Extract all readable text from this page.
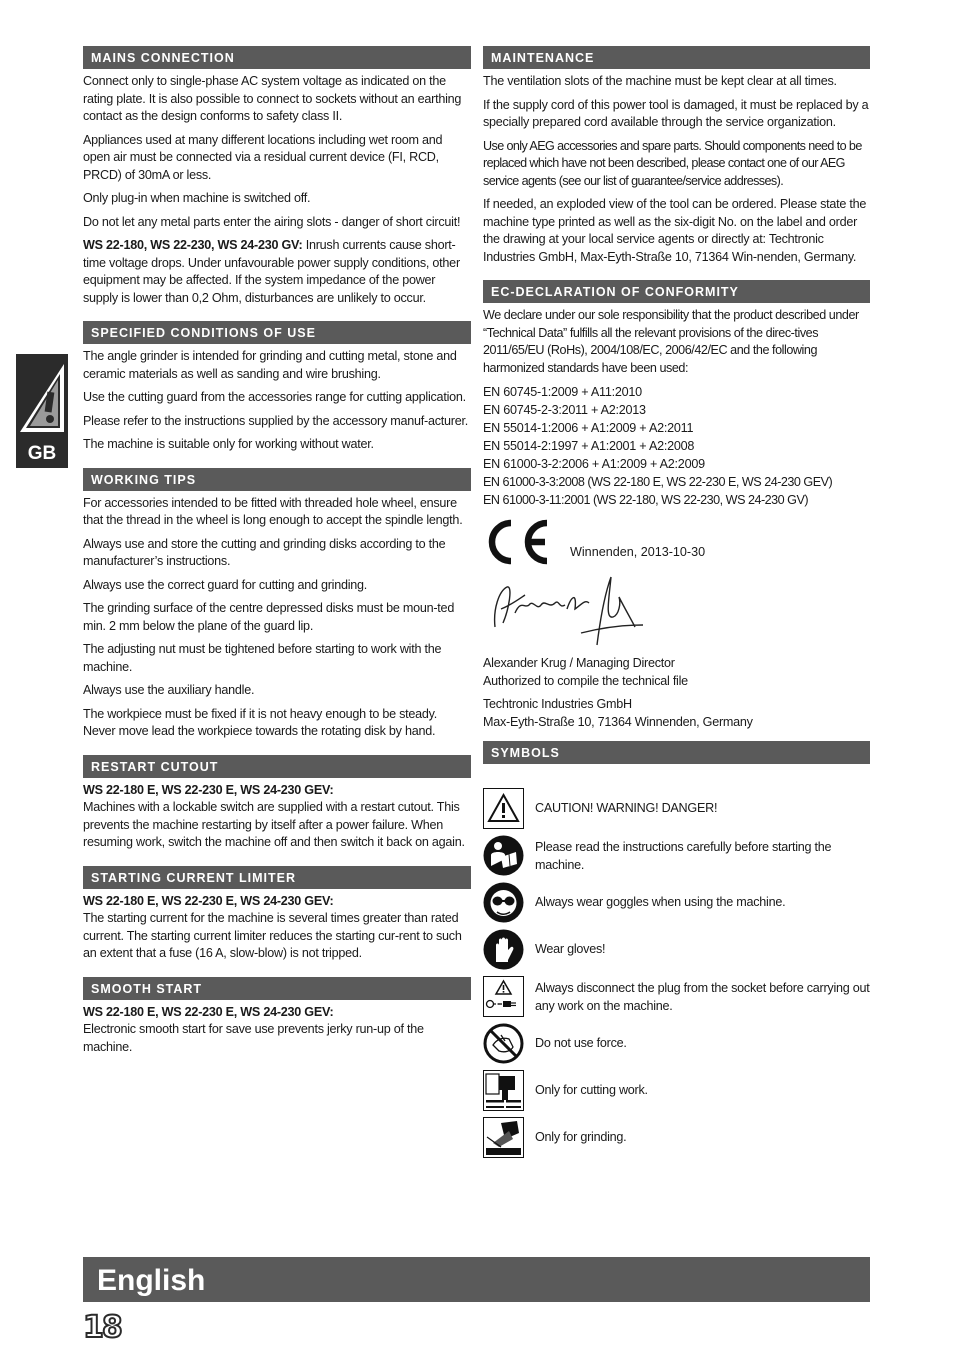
GB
MAINS CONNECTION

Connect only to single-phase AC system voltage as indicated on the rating plate. It is also possible to connect to sockets without an earthing contact as the design conforms to safety class II.

Appliances used at many different locations including wet room and open air must be connected via a residual current device (FI, RCD, PRCD) of 30mA or less.

Only plug-in when machine is switched off.

Do not let any metal parts enter the airing slots - danger of short circuit!

WS 22-180, WS 22-230, WS 24-230 GV: Inrush currents cause short-time voltage drops. Under unfavourable power supply conditions, other equipment may be affected. If the system impedance of the power supply is lower than 0,2 Ohm, disturbances are unlikely to occur.

SPECIFIED CONDITIONS OF USE

The angle grinder is intended for grinding and cutting metal, stone and ceramic materials as well as sanding and wire brushing.

Use the cutting guard from the accessories range for cutting application.

Please refer to the instructions supplied by the accessory manuf-acturer.

The machine is suitable only for working without water.

WORKING TIPS

For accessories intended to be fitted with threaded hole wheel, ensure that the thread in the wheel is long enough to accept the spindle length.

Always use and store the cutting and grinding disks according to the manufacturer’s instructions.

Always use the correct guard for cutting and grinding.

The grinding surface of the centre depressed disks must be moun-ted min. 2 mm below the plane of the guard lip.

The adjusting nut must be tightened before starting to work with the machine.

Always use the auxiliary handle.

The workpiece must be fixed if it is not heavy enough to be steady. Never move lead the workpiece towards the rotating disk by hand.

RESTART CUTOUT

WS 22-180 E, WS 22-230 E, WS 24-230 GEV:
Machines with a lockable switch are supplied with a restart cutout. This prevents the machine restarting by itself after a power failure. When resuming work, switch the machine off and then switch it back on again.

STARTING CURRENT LIMITER

WS 22-180 E, WS 22-230 E, WS 24-230 GEV:
The starting current for the machine is several times greater than rated current. The starting current limiter reduces the starting cur-rent to such an extent that a fuse (16 A, slow-blow) is not tripped.

SMOOTH START

WS 22-180 E, WS 22-230 E, WS 24-230 GEV:
Electronic smooth start for save use prevents jerky run-up of the machine.

MAINTENANCE

The ventilation slots of the machine must be kept clear at all times.

If the supply cord of this power tool is damaged, it must be replaced by a specially prepared cord available through the service organization.

Use only AEG accessories and spare parts. Should components need to be replaced which have not been described, please contact one of our AEG service agents (see our list of guarantee/service addresses).

If needed, an exploded view of the tool can be ordered. Please state the machine type printed as well as the six-digit No. on the label and order the drawing at your local service agents or directly at: Techtronic Industries GmbH, Max-Eyth-Straße 10, 71364 Win-nenden, Germany.

EC-DECLARATION OF CONFORMITY

We declare under our sole responsibility that the product described under “Technical Data” fulfills all the relevant provisions of the direc-tives 2011/65/EU (RoHs), 2004/108/EC, 2006/42/EC and the following harmonized standards have been used:

EN 60745-1:2009 + A11:2010
EN 60745-2-3:2011 + A2:2013
EN 55014-1:2006 + A1:2009 + A2:2011
EN 55014-2:1997 + A1:2001 + A2:2008
EN 61000-3-2:2006 + A1:2009 + A2:2009
EN 61000-3-3:2008 (WS 22-180 E, WS 22-230 E, WS 24-230 GEV)
EN 61000-3-11:2001 (WS 22-180, WS 22-230, WS 24-230 GV)
Winnenden, 2013-10-30

Alexander Krug / Managing Director

Authorized to compile the technical file

Techtronic Industries GmbH

Max-Eyth-Straße 10, 71364 Winnenden, Germany

SYMBOLS
CAUTION! WARNING! DANGER!
Please read the instructions carefully before starting the machine.
Always wear goggles when using the machine.
Wear gloves!
Always disconnect the plug from the socket before carrying out any work on the machine.
Do not use force.
Only for cutting work.
Only for grinding.
English
18
